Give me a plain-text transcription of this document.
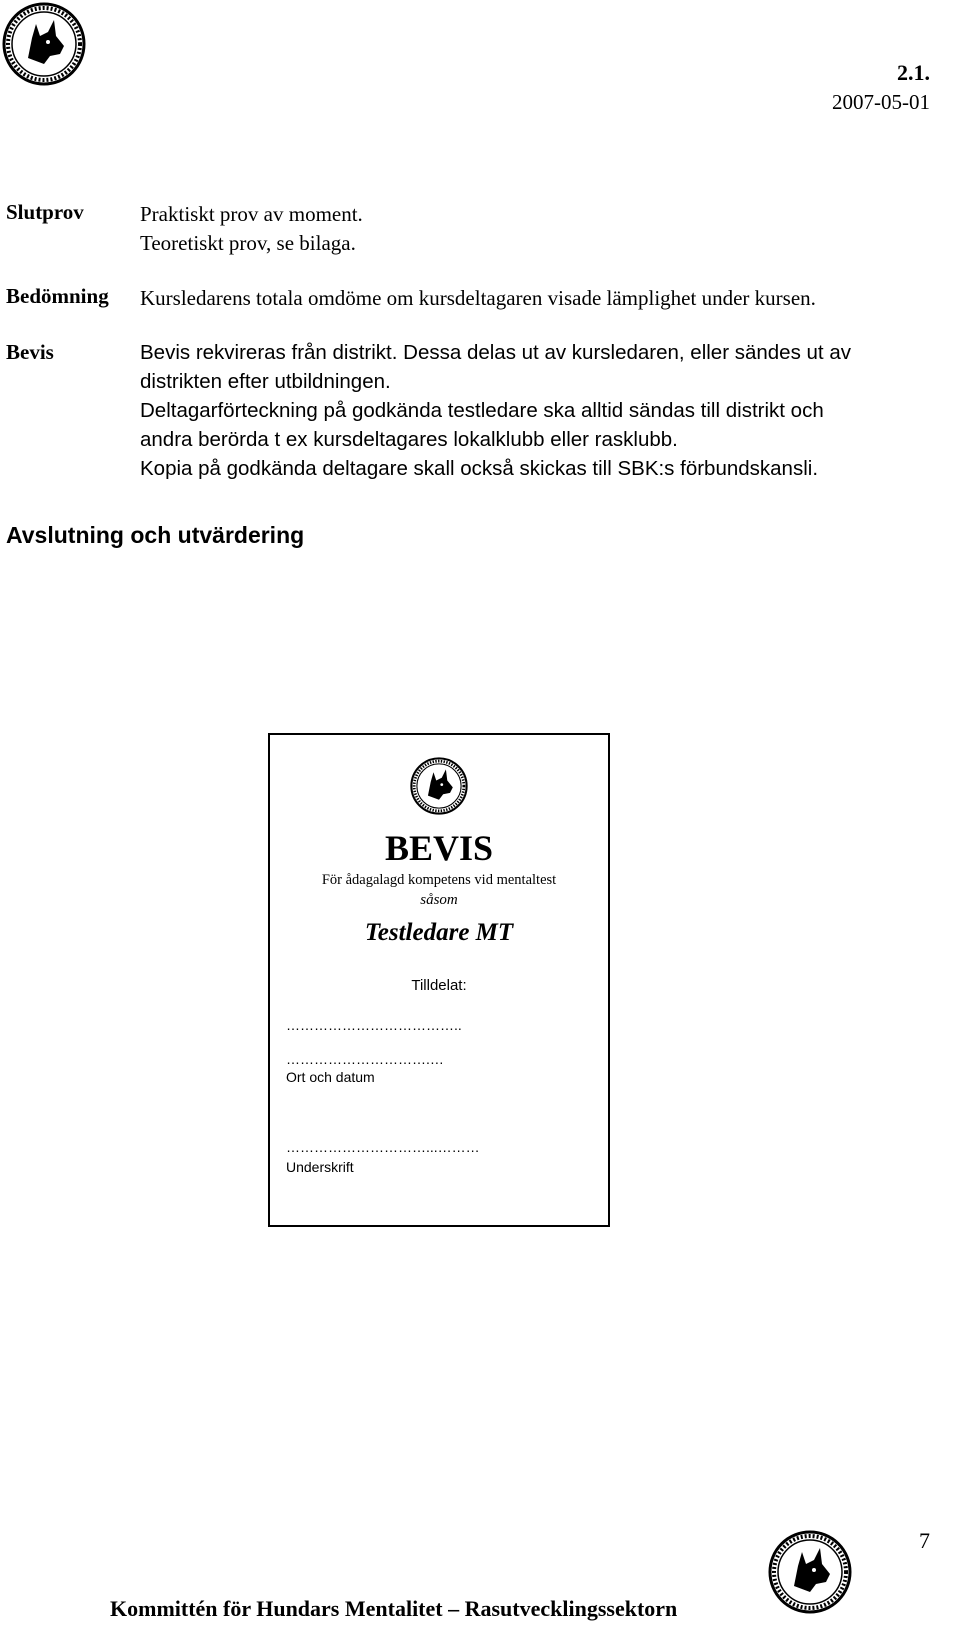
2.1.
2007-05-01
Slutprov	Praktiskt prov av moment.
Teoretiskt prov, se bilaga.
Bedömning Kursledarens totala omdöme om kursdeltagaren visade lämplighet under kursen.
Bevis	Bevis rekvireras från distrikt. Dessa delas ut av kursledaren, eller sändes ut av
distrikten efter utbildningen.
Deltagarförteckning på godkända testledare ska alltid sändas till distrikt och
andra berörda t ex kursdeltagares lokalklubb eller rasklubb.
Kopia på godkända deltagare skall också skickas till SBK:s förbundskansli.
Avslutning och utvärdering
BEVIS
För ådagalagd kompetens vid mentaltest
såsom
Testledare MT
Tilldelat:
………………………………..
………………………….…
Ort och datum
…………………………...………
Underskrift
7
Kommittén för Hundars Mentalitet – Rasutvecklingssektorn
